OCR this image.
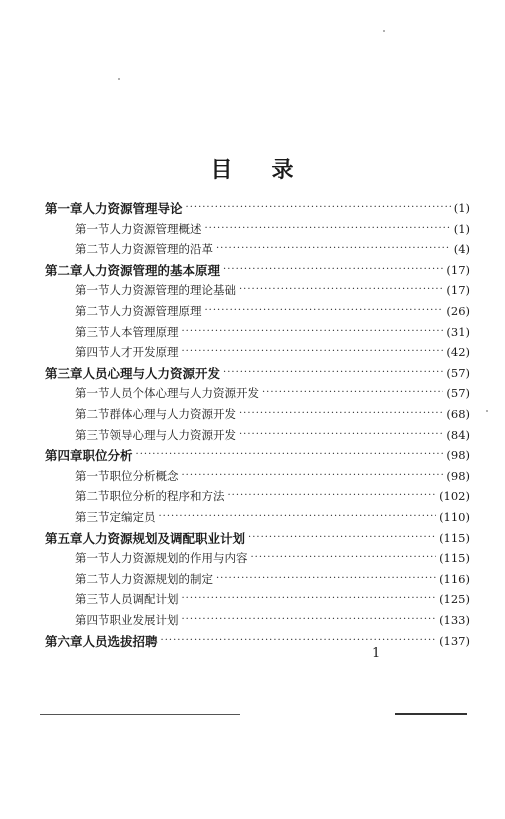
目 录
第一章 人力资源管理导论 ·····	(1)
第一节 人力资源管理概述 ·····	(1)
第二节 人力资源管理的沿革 ·····	(4)
第二章 人力资源管理的基本原理 ·····	(17)
第一节 人力资源管理的理论基础 ·····	(17)
第二节 人力资源管理原理 ·····	(26)
第三节 人本管理原理 ·····	(31)
第四节 人才开发原理 ·····	(42)
第三章 人员心理与人力资源开发 ·····	(57)
第一节 人员个体心理与人力资源开发 ·····	(57)
第二节 群体心理与人力资源开发 ·····	(68)
第三节 领导心理与人力资源开发 ·····	(84)
第四章 职位分析 ·····	(98)
第一节 职位分析概念 ·····	(98)
第二节 职位分析的程序和方法 ·····	(102)
第三节 定编定员 ·····	(110)
第五章 人力资源规划及调配职业计划 ·····	(115)
第一节 人力资源规划的作用与内容 ·····	(115)
第二节 人力资源规划的制定 ·····	(116)
第三节 人员调配计划 ·····	(125)
第四节 职业发展计划 ·····	(133)
第六章 人员选拔招聘 ·····	(137)
1
